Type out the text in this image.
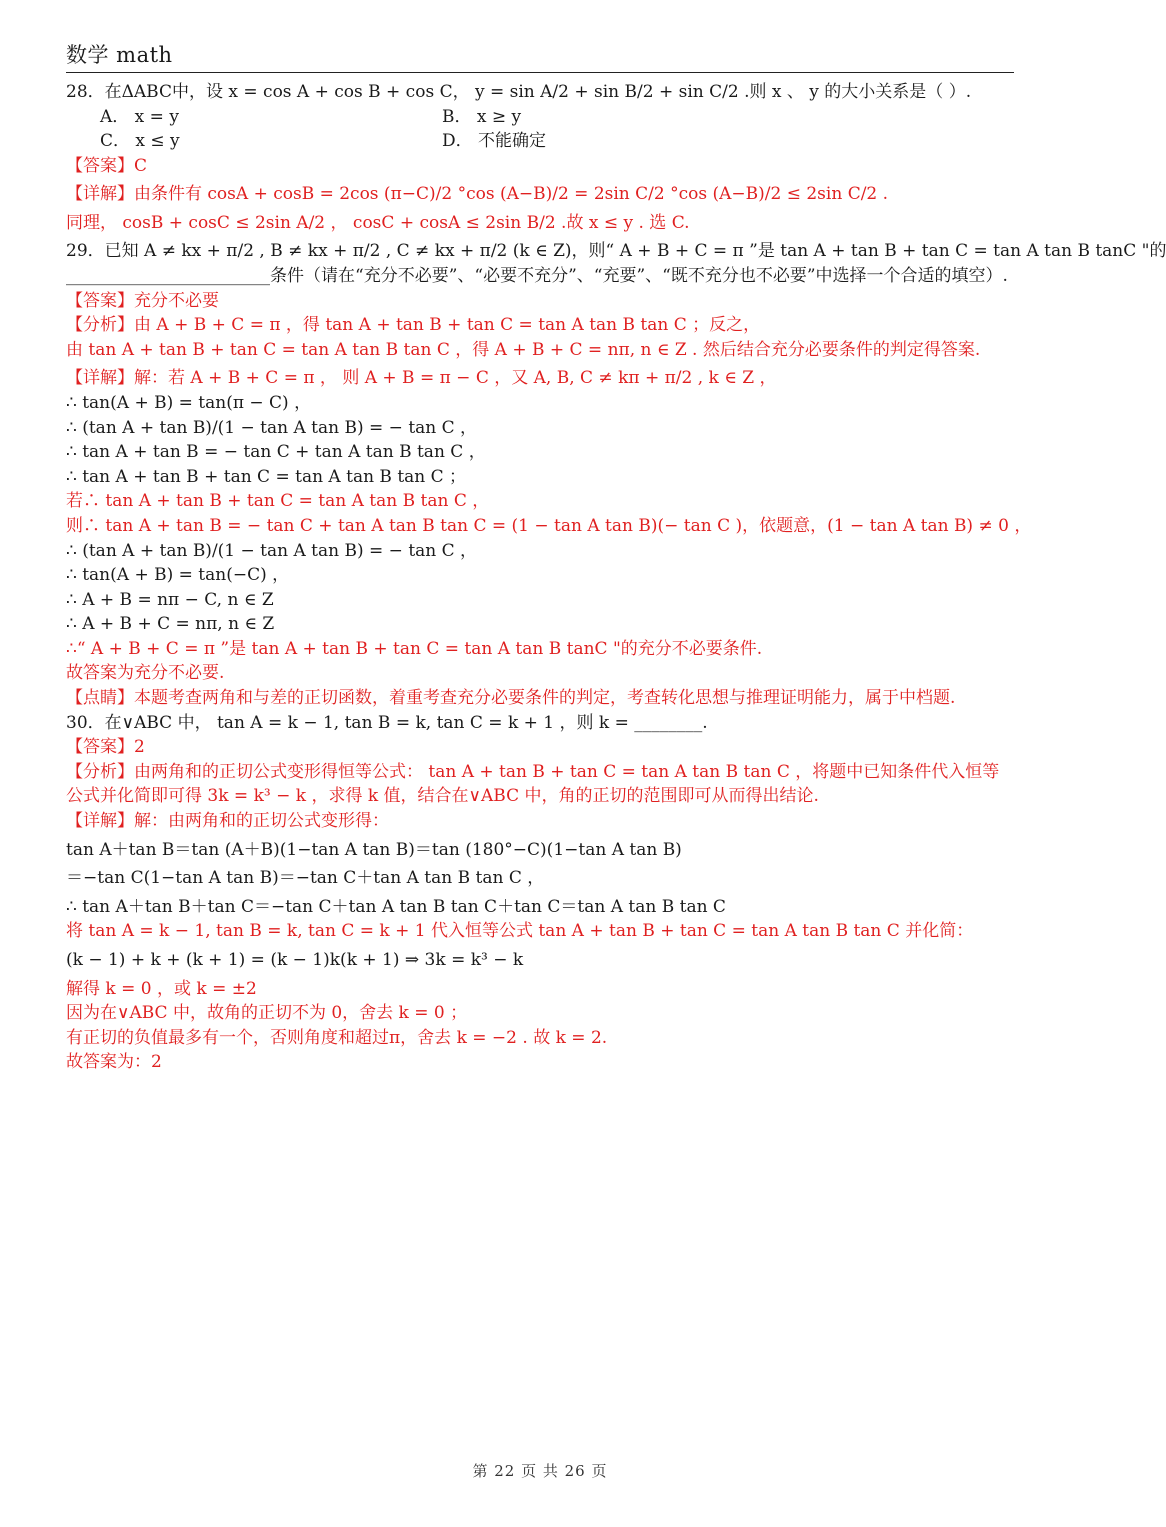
数学 math
28．在ΔABC中，设 x = cos A + cos B + cos C， y = sin A/2 + sin B/2 + sin C/2 .则 x 、 y 的大小关系是（ ）.
A． x = y	B． x ≥ y
C． x ≤ y	D． 不能确定
【答案】C
【详解】由条件有 cosA + cosB = 2cos (π−C)/2 °cos (A−B)/2 = 2sin C/2 °cos (A−B)/2 ≤ 2sin C/2 .
同理， cosB + cosC ≤ 2sin A/2 ， cosC + cosA ≤ 2sin B/2 .故 x ≤ y . 选 C.
29．已知 A ≠ kx + π/2 , B ≠ kx + π/2 , C ≠ kx + π/2 (k ∈ Z)，则“ A + B + C = π ”是 tan A + tan B + tan C = tan A tan B tanC "的
________________________条件（请在“充分不必要”、“必要不充分”、“充要”、“既不充分也不必要”中选择一个合适的填空）.
【答案】充分不必要
【分析】由 A + B + C = π ，得 tan A + tan B + tan C = tan A tan B tan C ；反之，
由 tan A + tan B + tan C = tan A tan B tan C ，得 A + B + C = nπ, n ∈ Z . 然后结合充分必要条件的判定得答案.
【详解】解：若 A + B + C = π ， 则 A + B = π − C ，又 A, B, C ≠ kπ + π/2 , k ∈ Z ，
∴ tan(A + B) = tan(π − C) ，
∴ (tan A + tan B)/(1 − tan A tan B) = − tan C ，
∴ tan A + tan B = − tan C + tan A tan B tan C ，
∴ tan A + tan B + tan C = tan A tan B tan C ；
若∴ tan A + tan B + tan C = tan A tan B tan C ，
则∴ tan A + tan B = − tan C + tan A tan B tan C = (1 − tan A tan B)(− tan C )，依题意，(1 − tan A tan B) ≠ 0 ，
∴ (tan A + tan B)/(1 − tan A tan B) = − tan C ，
∴ tan(A + B) = tan(−C) ，
∴ A + B = nπ − C, n ∈ Z
∴ A + B + C = nπ, n ∈ Z
∴“ A + B + C = π ”是 tan A + tan B + tan C = tan A tan B tanC "的充分不必要条件.
故答案为充分不必要.
【点睛】本题考查两角和与差的正切函数，着重考查充分必要条件的判定，考查转化思想与推理证明能力，属于中档题.
30．在∨ABC 中， tan A = k − 1, tan B = k, tan C = k + 1 ，则 k = ________.
【答案】2
【分析】由两角和的正切公式变形得恒等公式： tan A + tan B + tan C = tan A tan B tan C ，将题中已知条件代入恒等公式并化简即可得 3k = k³ − k ，求得 k 值，结合在∨ABC 中，角的正切的范围即可从而得出结论.
【详解】解：由两角和的正切公式变形得：
tan A＋tan B＝tan (A＋B)(1−tan A tan B)＝tan (180°−C)(1−tan A tan B)
＝−tan C(1−tan A tan B)＝−tan C＋tan A tan B tan C ，
∴ tan A＋tan B＋tan C＝−tan C＋tan A tan B tan C＋tan C＝tan A tan B tan C
将 tan A = k − 1, tan B = k, tan C = k + 1 代入恒等公式 tan A + tan B + tan C = tan A tan B tan C 并化简：
(k − 1) + k + (k + 1) = (k − 1)k(k + 1) ⇒ 3k = k³ − k
解得 k = 0 ，或 k = ±2
因为在∨ABC 中，故角的正切不为 0，舍去 k = 0 ；
有正切的负值最多有一个，否则角度和超过π，舍去 k = −2 . 故 k = 2.
故答案为：2
第 22 页 共 26 页
